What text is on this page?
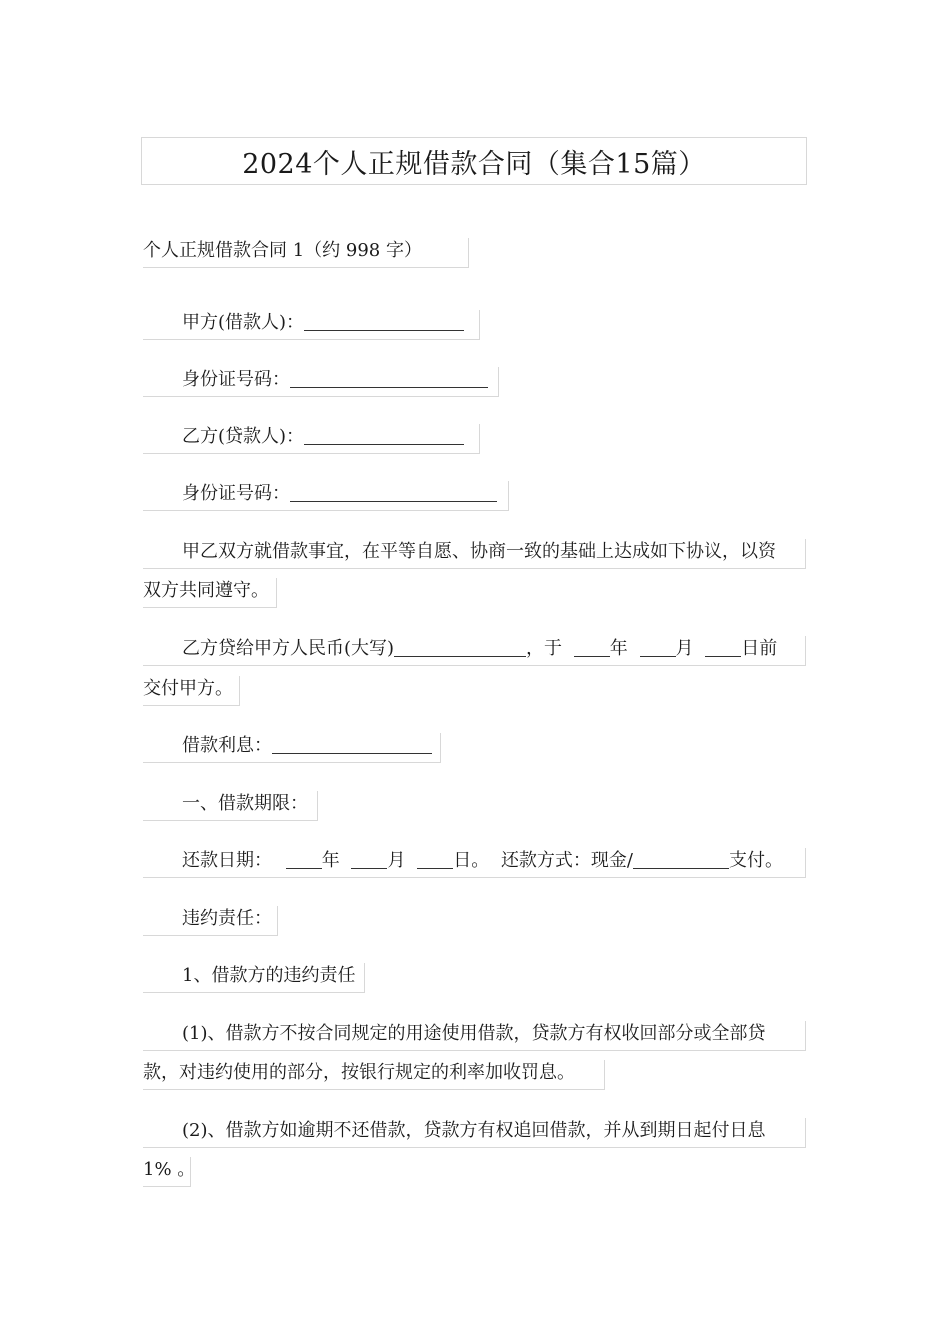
2024个人正规借款合同（集合15篇）
个人正规借款合同 1（约 998 字）
甲方(借款人)：
身份证号码：
乙方(贷款人)：
身份证号码：
甲乙双方就借款事宜，在平等自愿、协商一致的基础上达成如下协议，以资
双方共同遵守。
乙方贷给甲方人民币(大写)	，于	年	月	日前
交付甲方。
借款利息：
一、借款期限：
还款日期：	年	月	日。 还款方式：现金/	支付。
违约责任：
1、借款方的违约责任
(1)、借款方不按合同规定的用途使用借款，贷款方有权收回部分或全部贷
款，对违约使用的部分，按银行规定的利率加收罚息。
(2)、借款方如逾期不还借款，贷款方有权追回借款，并从到期日起付日息
1% 。
